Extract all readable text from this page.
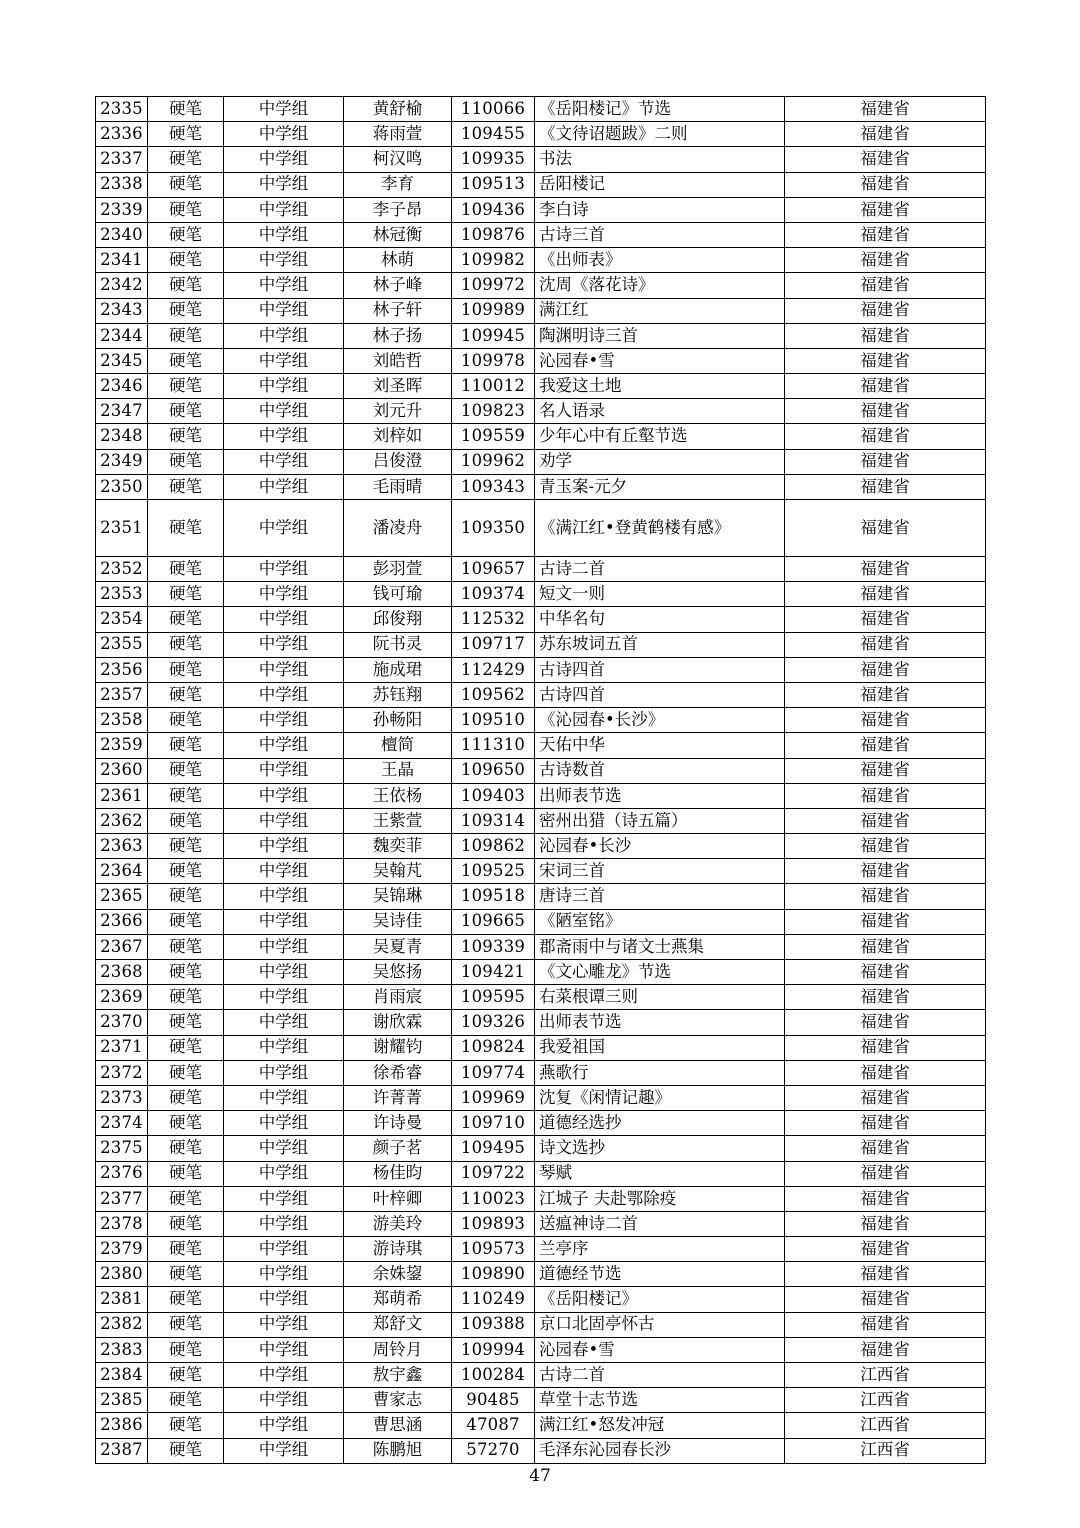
2335	硬笔	中学组	黄舒榆	110066	《岳阳楼记》节选	福建省
2336	硬笔	中学组	蒋雨萱	109455	《文待诏题跋》二则	福建省
2337	硬笔	中学组	柯汉鸣	109935	书法	福建省
2338	硬笔	中学组	李育	109513	岳阳楼记	福建省
2339	硬笔	中学组	李子昂	109436	李白诗	福建省
2340	硬笔	中学组	林冠衡	109876	古诗三首	福建省
2341	硬笔	中学组	林萌	109982	《出师表》	福建省
2342	硬笔	中学组	林子峰	109972	沈周《落花诗》	福建省
2343	硬笔	中学组	林子轩	109989	满江红	福建省
2344	硬笔	中学组	林子扬	109945	陶渊明诗三首	福建省
2345	硬笔	中学组	刘皓哲	109978	沁园春•雪	福建省
2346	硬笔	中学组	刘圣晖	110012	我爱这土地	福建省
2347	硬笔	中学组	刘元升	109823	名人语录	福建省
2348	硬笔	中学组	刘梓如	109559	少年心中有丘壑节选	福建省
2349	硬笔	中学组	吕俊澄	109962	劝学	福建省
2350	硬笔	中学组	毛雨晴	109343	青玉案-元夕	福建省
2351	硬笔	中学组	潘凌舟	109350	《满江红•登黄鹤楼有感》	福建省
2352	硬笔	中学组	彭羽萱	109657	古诗二首	福建省
2353	硬笔	中学组	钱可瑜	109374	短文一则	福建省
2354	硬笔	中学组	邱俊翔	112532	中华名句	福建省
2355	硬笔	中学组	阮书灵	109717	苏东坡词五首	福建省
2356	硬笔	中学组	施成珺	112429	古诗四首	福建省
2357	硬笔	中学组	苏钰翔	109562	古诗四首	福建省
2358	硬笔	中学组	孙畅阳	109510	《沁园春•长沙》	福建省
2359	硬笔	中学组	檀简	111310	天佑中华	福建省
2360	硬笔	中学组	王晶	109650	古诗数首	福建省
2361	硬笔	中学组	王依杨	109403	出师表节选	福建省
2362	硬笔	中学组	王紫萱	109314	密州出猎（诗五篇）	福建省
2363	硬笔	中学组	魏奕菲	109862	沁园春•长沙	福建省
2364	硬笔	中学组	吴翰芃	109525	宋词三首	福建省
2365	硬笔	中学组	吴锦琳	109518	唐诗三首	福建省
2366	硬笔	中学组	吴诗佳	109665	《陋室铭》	福建省
2367	硬笔	中学组	吴夏青	109339	郡斋雨中与诸文士燕集	福建省
2368	硬笔	中学组	吴悠扬	109421	《文心雕龙》节选	福建省
2369	硬笔	中学组	肖雨宸	109595	右菜根谭三则	福建省
2370	硬笔	中学组	谢欣霖	109326	出师表节选	福建省
2371	硬笔	中学组	谢耀钧	109824	我爱祖国	福建省
2372	硬笔	中学组	徐希睿	109774	燕歌行	福建省
2373	硬笔	中学组	许菁菁	109969	沈复《闲情记趣》	福建省
2374	硬笔	中学组	许诗曼	109710	道德经选抄	福建省
2375	硬笔	中学组	颜子茗	109495	诗文选抄	福建省
2376	硬笔	中学组	杨佳昀	109722	琴赋	福建省
2377	硬笔	中学组	叶梓卿	110023	江城子 夫赴鄂除疫	福建省
2378	硬笔	中学组	游美玲	109893	送瘟神诗二首	福建省
2379	硬笔	中学组	游诗琪	109573	兰亭序	福建省
2380	硬笔	中学组	余姝鋆	109890	道德经节选	福建省
2381	硬笔	中学组	郑萌希	110249	《岳阳楼记》	福建省
2382	硬笔	中学组	郑舒文	109388	京口北固亭怀古	福建省
2383	硬笔	中学组	周铃月	109994	沁园春•雪	福建省
2384	硬笔	中学组	敖宇鑫	100284	古诗二首	江西省
2385	硬笔	中学组	曹家志	90485	草堂十志节选	江西省
2386	硬笔	中学组	曹思涵	47087	满江红•怒发冲冠	江西省
2387	硬笔	中学组	陈鹏旭	57270	毛泽东沁园春长沙	江西省
47
